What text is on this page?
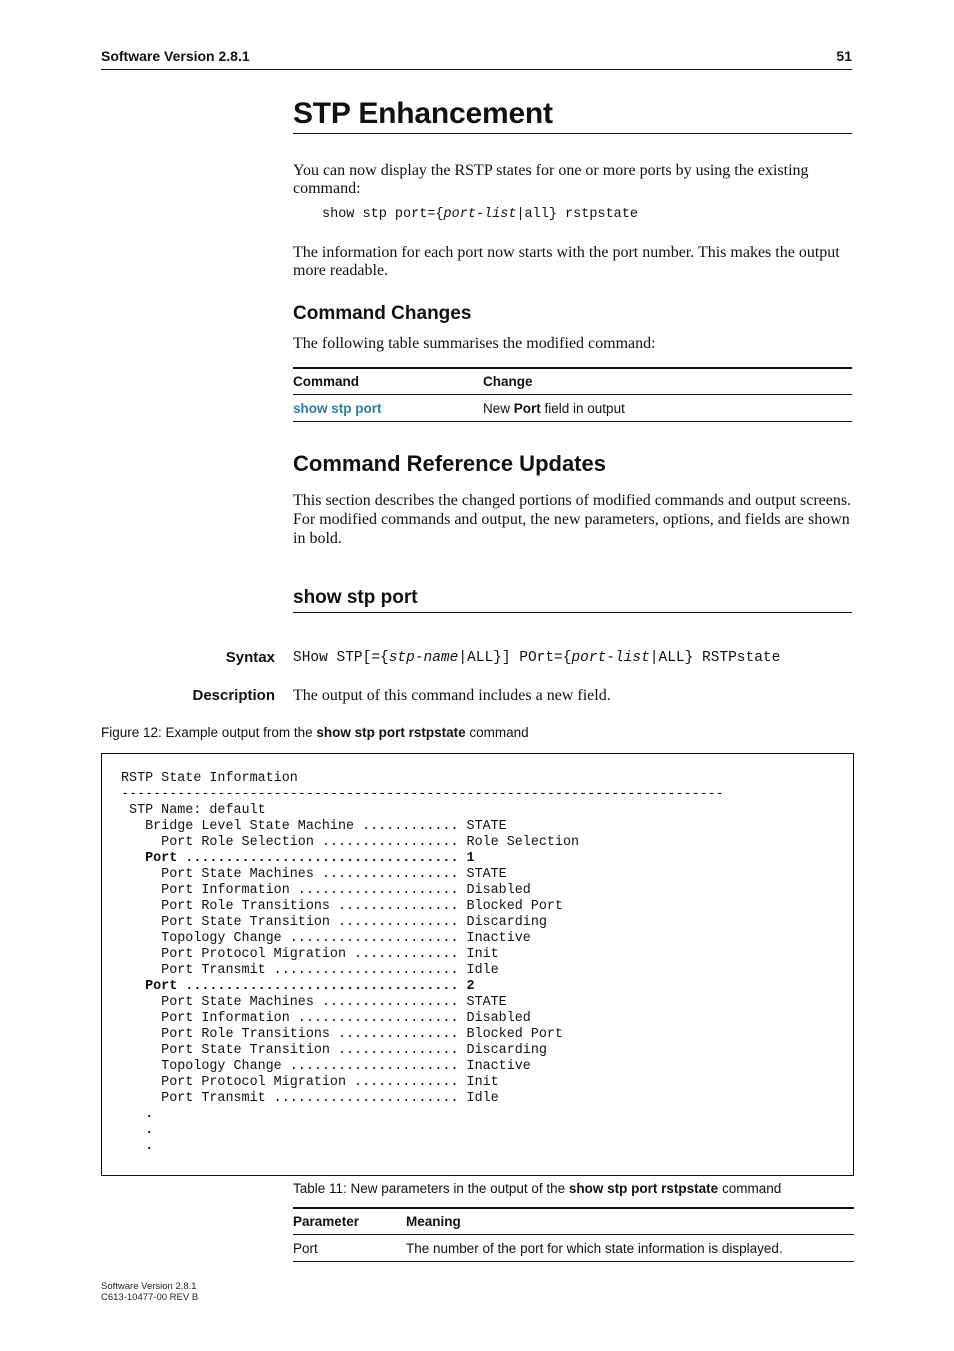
Software Version 2.8.1	51
STP Enhancement
You can now display the RSTP states for one or more ports by using the existing command:
show stp port={port-list|all} rstpstate
The information for each port now starts with the port number. This makes the output more readable.
Command Changes
The following table summarises the modified command:
Command	Change
show stp port	New Port field in output
Command Reference Updates
This section describes the changed portions of modified commands and output screens. For modified commands and output, the new parameters, options, and fields are shown in bold.
show stp port
Syntax SHow STP[={stp-name|ALL}] POrt={port-list|ALL} RSTPstate
Description The output of this command includes a new field.
Figure 12: Example output from the show stp port rstpstate command
RSTP State Information
---------------------------------------------------------------------------
STP Name: default
Bridge Level State Machine ............ STATE
Port Role Selection ................. Role Selection
Port .................................. 1
Port State Machines ................. STATE
Port Information .................... Disabled
Port Role Transitions ............... Blocked Port
Port State Transition ............... Discarding
Topology Change ..................... Inactive
Port Protocol Migration ............. Init
Port Transmit ....................... Idle
Port .................................. 2
Port State Machines ................. STATE
Port Information .................... Disabled
Port Role Transitions ............... Blocked Port
Port State Transition ............... Discarding
Topology Change ..................... Inactive
Port Protocol Migration ............. Init
Port Transmit ....................... Idle
.
.
.
Table 11: New parameters in the output of the show stp port rstpstate command
Parameter	Meaning
Port	The number of the port for which state information is displayed.
Software Version 2.8.1
C613-10477-00 REV B
